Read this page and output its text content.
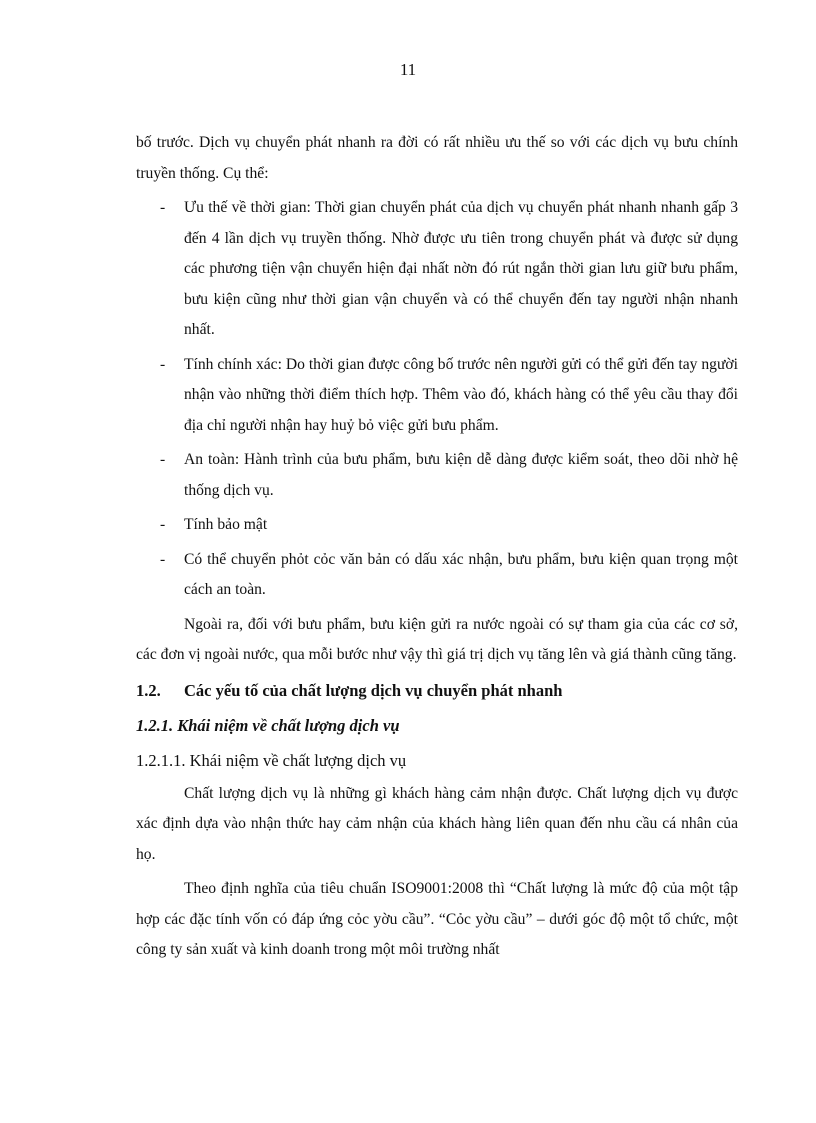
11

bố trước. Dịch vụ chuyển phát nhanh ra đời có rất nhiều ưu thế so với các dịch vụ bưu chính truyền thống. Cụ thể:

-	Ưu thế về thời gian: Thời gian chuyển phát của dịch vụ chuyển phát nhanh nhanh gấp 3 đến 4 lần dịch vụ truyền thống. Nhờ được ưu tiên trong chuyển phát và được sử dụng các phương tiện vận chuyển hiện đại nhất nờn đó rút ngắn thời gian lưu giữ bưu phẩm, bưu kiện cũng như thời gian vận chuyển và có thể chuyển đến tay người nhận nhanh nhất.
-	Tính chính xác: Do thời gian được công bố trước nên người gửi có thể gửi đến tay người nhận vào những thời điểm thích hợp. Thêm vào đó, khách hàng có thể yêu cầu thay đổi địa chỉ người nhận hay huỷ bỏ việc gửi bưu phẩm.
-	An toàn: Hành trình của bưu phẩm, bưu kiện dễ dàng được kiểm soát, theo dõi nhờ hệ thống dịch vụ.
-	Tính bảo mật
-	Có thể chuyển phỏt cỏc văn bản có dấu xác nhận, bưu phẩm, bưu kiện quan trọng một cách an toàn.

Ngoài ra, đối với bưu phẩm, bưu kiện gửi ra nước ngoài có sự tham gia của các cơ sở, các đơn vị ngoài nước, qua mỗi bước như vậy thì giá trị dịch vụ tăng lên và giá thành cũng tăng.

1.2.	Các yếu tố của chất lượng dịch vụ chuyển phát nhanh
1.2.1. Khái niệm về chất lượng dịch vụ
1.2.1.1. Khái niệm về chất lượng dịch vụ

Chất lượng dịch vụ là những gì khách hàng cảm nhận được. Chất lượng dịch vụ được xác định dựa vào nhận thức hay cảm nhận của khách hàng liên quan đến nhu cầu cá nhân của họ.

Theo định nghĩa của tiêu chuẩn ISO9001:2008 thì “Chất lượng là mức độ của một tập hợp các đặc tính vốn có đáp ứng cỏc yờu cầu”. “Cỏc yờu cầu” – dưới góc độ một tổ chức, một công ty sản xuất và kinh doanh trong một môi trường nhất
